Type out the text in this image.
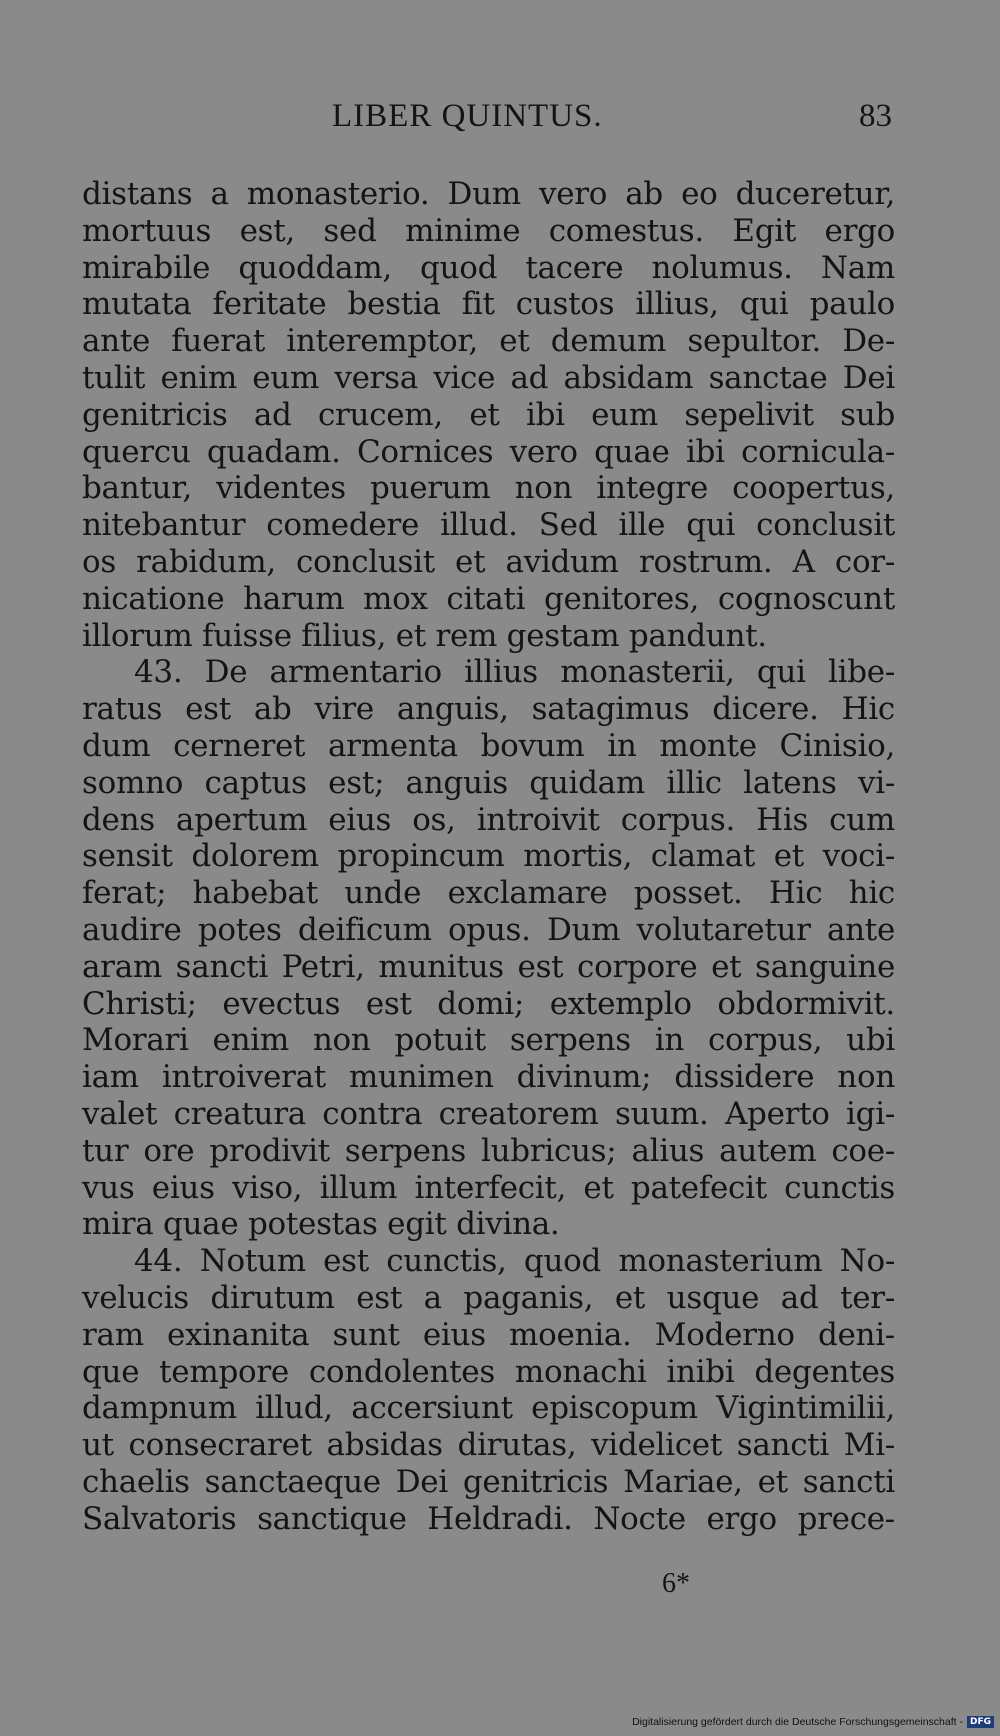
LIBER QUINTUS.	83
distans a monasterio. Dum vero ab eo duceretur,
mortuus est, sed minime comestus. Egit ergo
mirabile quoddam, quod tacere nolumus. Nam
mutata feritate bestia fit custos illius, qui paulo
ante fuerat interemptor, et demum sepultor. De-
tulit enim eum versa vice ad absidam sanctae Dei
genitricis ad crucem, et ibi eum sepelivit sub
quercu quadam. Cornices vero quae ibi cornicula-
bantur, videntes puerum non integre coopertus,
nitebantur comedere illud. Sed ille qui conclusit
os rabidum, conclusit et avidum rostrum. A cor-
nicatione harum mox citati genitores, cognoscunt
illorum fuisse filius, et rem gestam pandunt.
43. De armentario illius monasterii, qui libe-
ratus est ab vire anguis, satagimus dicere. Hic
dum cerneret armenta bovum in monte Cinisio,
somno captus est; anguis quidam illic latens vi-
dens apertum eius os, introivit corpus. His cum
sensit dolorem propincum mortis, clamat et voci-
ferat; habebat unde exclamare posset. Hic hic
audire potes deificum opus. Dum volutaretur ante
aram sancti Petri, munitus est corpore et sanguine
Christi; evectus est domi; extemplo obdormivit.
Morari enim non potuit serpens in corpus, ubi
iam introiverat munimen divinum; dissidere non
valet creatura contra creatorem suum. Aperto igi-
tur ore prodivit serpens lubricus; alius autem coe-
vus eius viso, illum interfecit, et patefecit cunctis
mira quae potestas egit divina.
44. Notum est cunctis, quod monasterium No-
velucis dirutum est a paganis, et usque ad ter-
ram exinanita sunt eius moenia. Moderno deni-
que tempore condolentes monachi inibi degentes
dampnum illud, accersiunt episcopum Vigintimilii,
ut consecraret absidas dirutas, videlicet sancti Mi-
chaelis sanctaeque Dei genitricis Mariae, et sancti
Salvatoris sanctique Heldradi. Nocte ergo prece-
6*
Digitalisierung gefördert durch die Deutsche Forschungsgemeinschaft - DFG
